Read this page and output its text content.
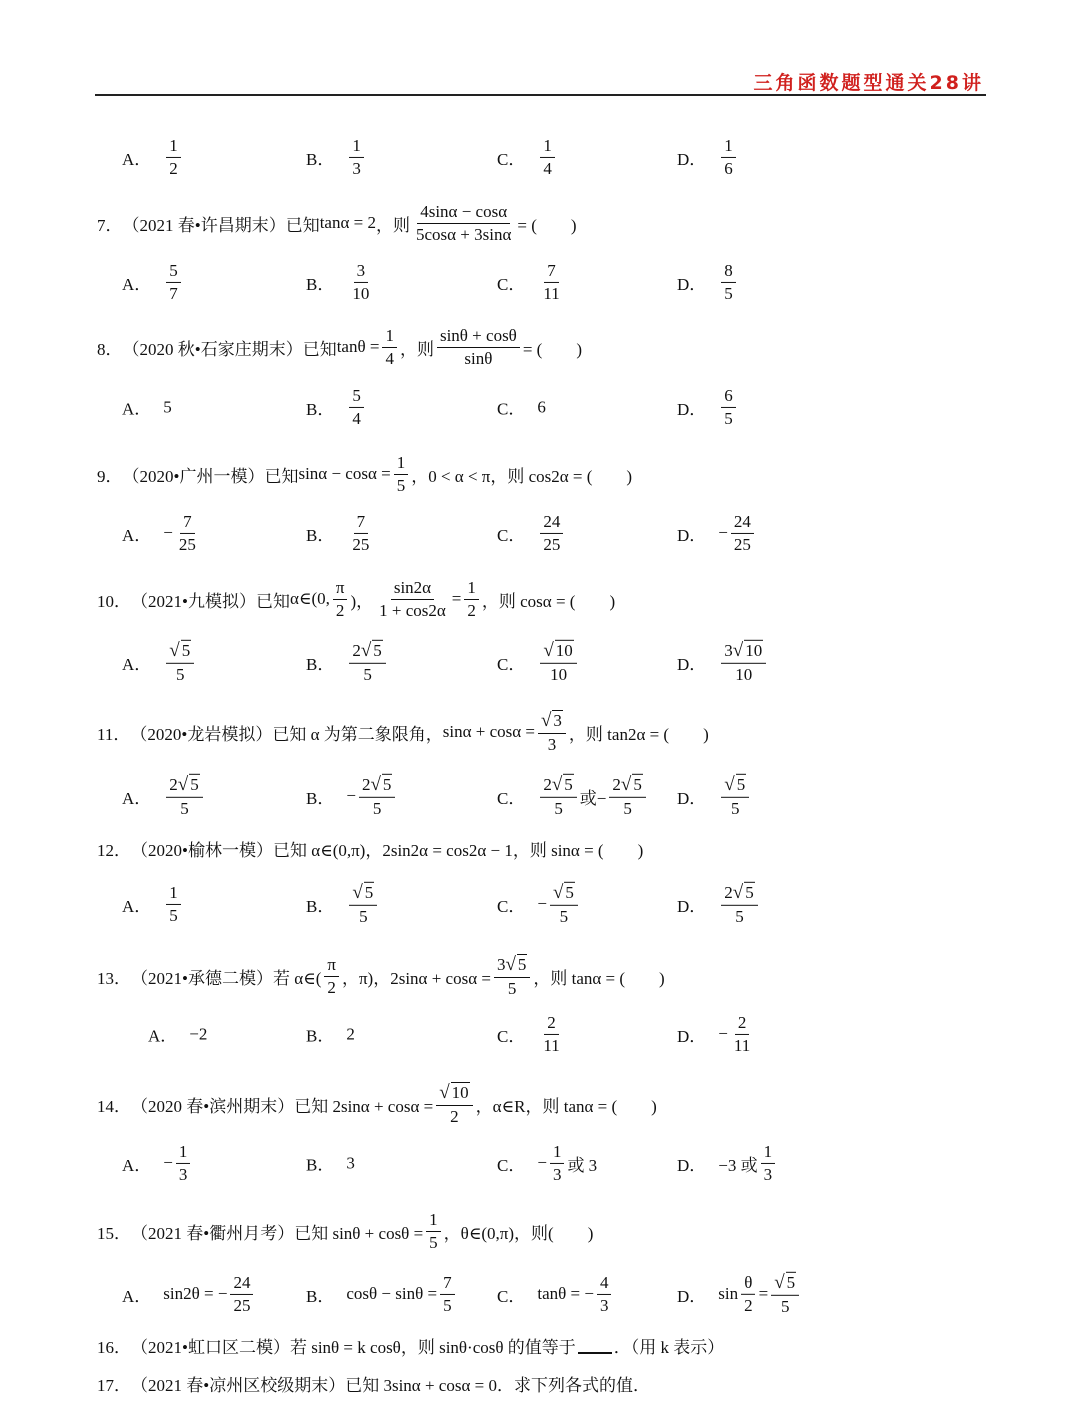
三角函数题型通关28讲
A． $\frac{1}{2}$	B． $\frac{1}{3}$	C． $\frac{1}{4}$	D． $\frac{1}{6}$
7． （2021 春•许昌期末）已知 tanα = 2 ，则 $\frac{4\sin\alpha - \cos\alpha}{5\cos\alpha + 3\sin\alpha}$ = (　　)
A． $\frac{5}{7}$	B． $\frac{3}{10}$	C． $\frac{7}{11}$	D． $\frac{8}{5}$
8． （2020 秋•石家庄期末）已知 $\tan\theta = \frac{1}{4}$ ，则 $\frac{\sin\theta + \cos\theta}{\sin\theta}$ = (　　)
A． 5	B． $\frac{5}{4}$	C． 6	D． $\frac{6}{5}$
9． （2020•广州一模）已知 $\sin\alpha - \cos\alpha = \frac{1}{5}$ ，0 < α < π，则 cos2α = (　　)
A． − $\frac{7}{25}$	B． $\frac{7}{25}$	C． $\frac{24}{25}$	D． − $\frac{24}{25}$
10． （2021•九模拟）已知 α∈(0, $\frac{\pi}{2}$ )， $\frac{\sin 2\alpha}{1 + \cos 2\alpha} = \frac{1}{2}$ ，则 cosα = (　　)
A． $\frac{√ 5}{5}$	B． $\frac{2√ 5}{5}$	C． $\frac{√ 10}{10}$	D． $\frac{3√ 10}{10}$
11． （2020•龙岩模拟）已知 α 为第二象限角， $\sin\alpha + \cos\alpha = \frac{√ 3}{3}$ ，则 tan2α = (　　)
A． $\frac{2√ 5}{5}$	B． − $\frac{2√ 5}{5}$	C． $\frac{2√ 5}{5}$ 或− $\frac{2√ 5}{5}$ D． $\frac{√ 5}{5}$
12． （2020•榆林一模）已知 α∈(0,π)，2sin2α = cos2α − 1，则 sinα = (　　)
A． $\frac{1}{5}$	B． $\frac{√ 5}{5}$	C． − $\frac{√ 5}{5}$	D． $\frac{2√ 5}{5}$
13． （2021•承德二模）若 α∈( $\frac{\pi}{2}$ ，π)，$2\sin\alpha + \cos\alpha = \frac{3√ 5}{5}$ ，则 tanα = (　　)
A． −2	B． 2	C． $\frac{2}{11}$	D． − $\frac{2}{11}$
14． （2020 春•滨州期末）已知 $2\sin\alpha + \cos\alpha = \frac{√ 10}{2}$ ，α∈R，则 tanα = (　　)
A． − $\frac{1}{3}$	B． 3	C． − $\frac{1}{3}$ 或 3	D． −3 或 $\frac{1}{3}$
15． （2021 春•衢州月考）已知 $\sin\theta + \cos\theta = \frac{1}{5}$ ，θ∈(0,π)，则(　　)
A． sin2θ = − $\frac{24}{25}$	B． $\cos\theta - \sin\theta = \frac{7}{5}$ C． tanθ = − $\frac{4}{3}$	D． $\sin \frac{\theta}{2} = \frac{√ 5}{5}$
16． （2021•虹口区二模）若 sinθ = k cosθ，则 sinθ·cosθ 的值等于 ．（用 k 表示）
17． （2021 春•凉州区校级期末）已知 3sinα + cosα = 0．求下列各式的值．
